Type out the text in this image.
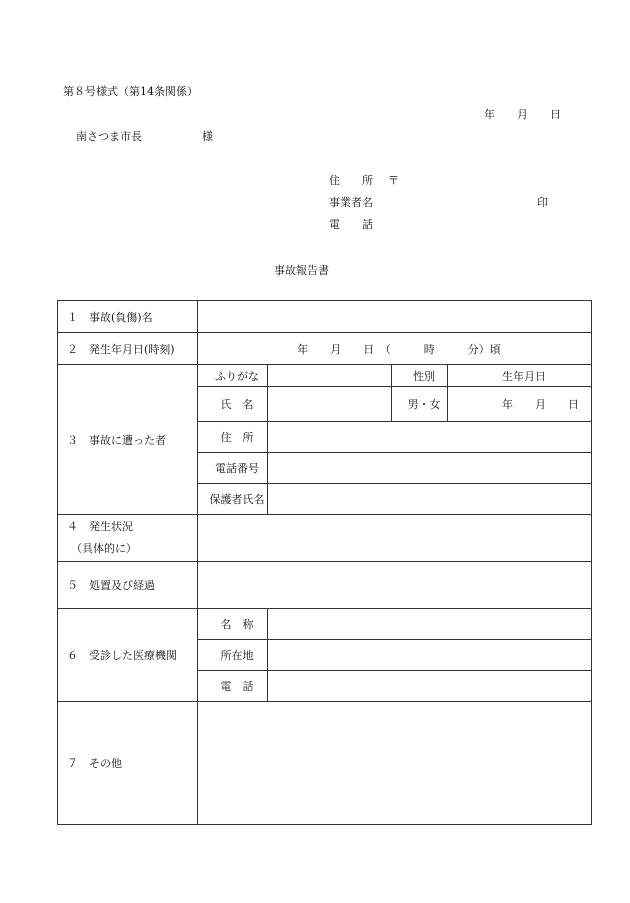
第８号様式（第14条関係）
年　　月　　日
南さつま市長	様
住　　所 〒
事業者名	印
電　　話
事故報告書
１　事故(負傷)名				
２　発生年月日(時刻)	年　　月　　日　（　　　時　　　分）頃			
３　事故に遭った者	ふりがな		性別	生年月日
	氏　名		男・女	年　　月　　日
	住　所			
	電話番号			
	保護者氏名			

４　発生状況
（具体的に）				

５　処置及び経過				
６　受診した医療機関	名　称			
	所在地			
	電　話			
７　その他				
